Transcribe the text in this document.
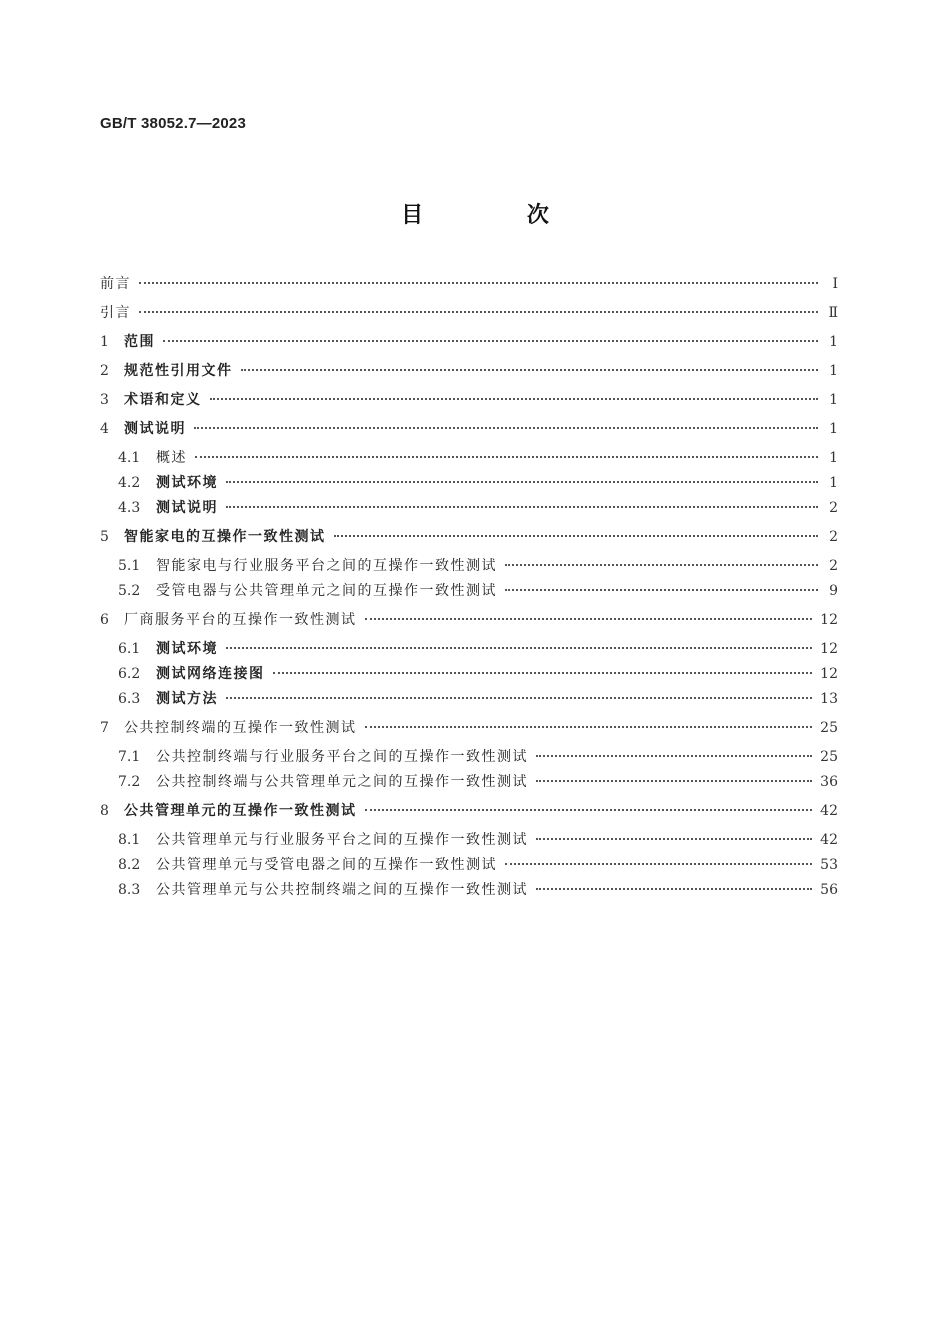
GB/T 38052.7—2023
目 次
前言	Ⅰ
引言	Ⅱ
1	范围	1
2	规范性引用文件	1
3	术语和定义	1
4	测试说明	1
4.1	概述	1
4.2	测试环境	1
4.3	测试说明	2
5	智能家电的互操作一致性测试	2
5.1	智能家电与行业服务平台之间的互操作一致性测试	2
5.2	受管电器与公共管理单元之间的互操作一致性测试	9
6	厂商服务平台的互操作一致性测试	12
6.1	测试环境	12
6.2	测试网络连接图	12
6.3	测试方法	13
7	公共控制终端的互操作一致性测试	25
7.1	公共控制终端与行业服务平台之间的互操作一致性测试	25
7.2	公共控制终端与公共管理单元之间的互操作一致性测试	36
8	公共管理单元的互操作一致性测试	42
8.1	公共管理单元与行业服务平台之间的互操作一致性测试	42
8.2	公共管理单元与受管电器之间的互操作一致性测试	53
8.3	公共管理单元与公共控制终端之间的互操作一致性测试	56
